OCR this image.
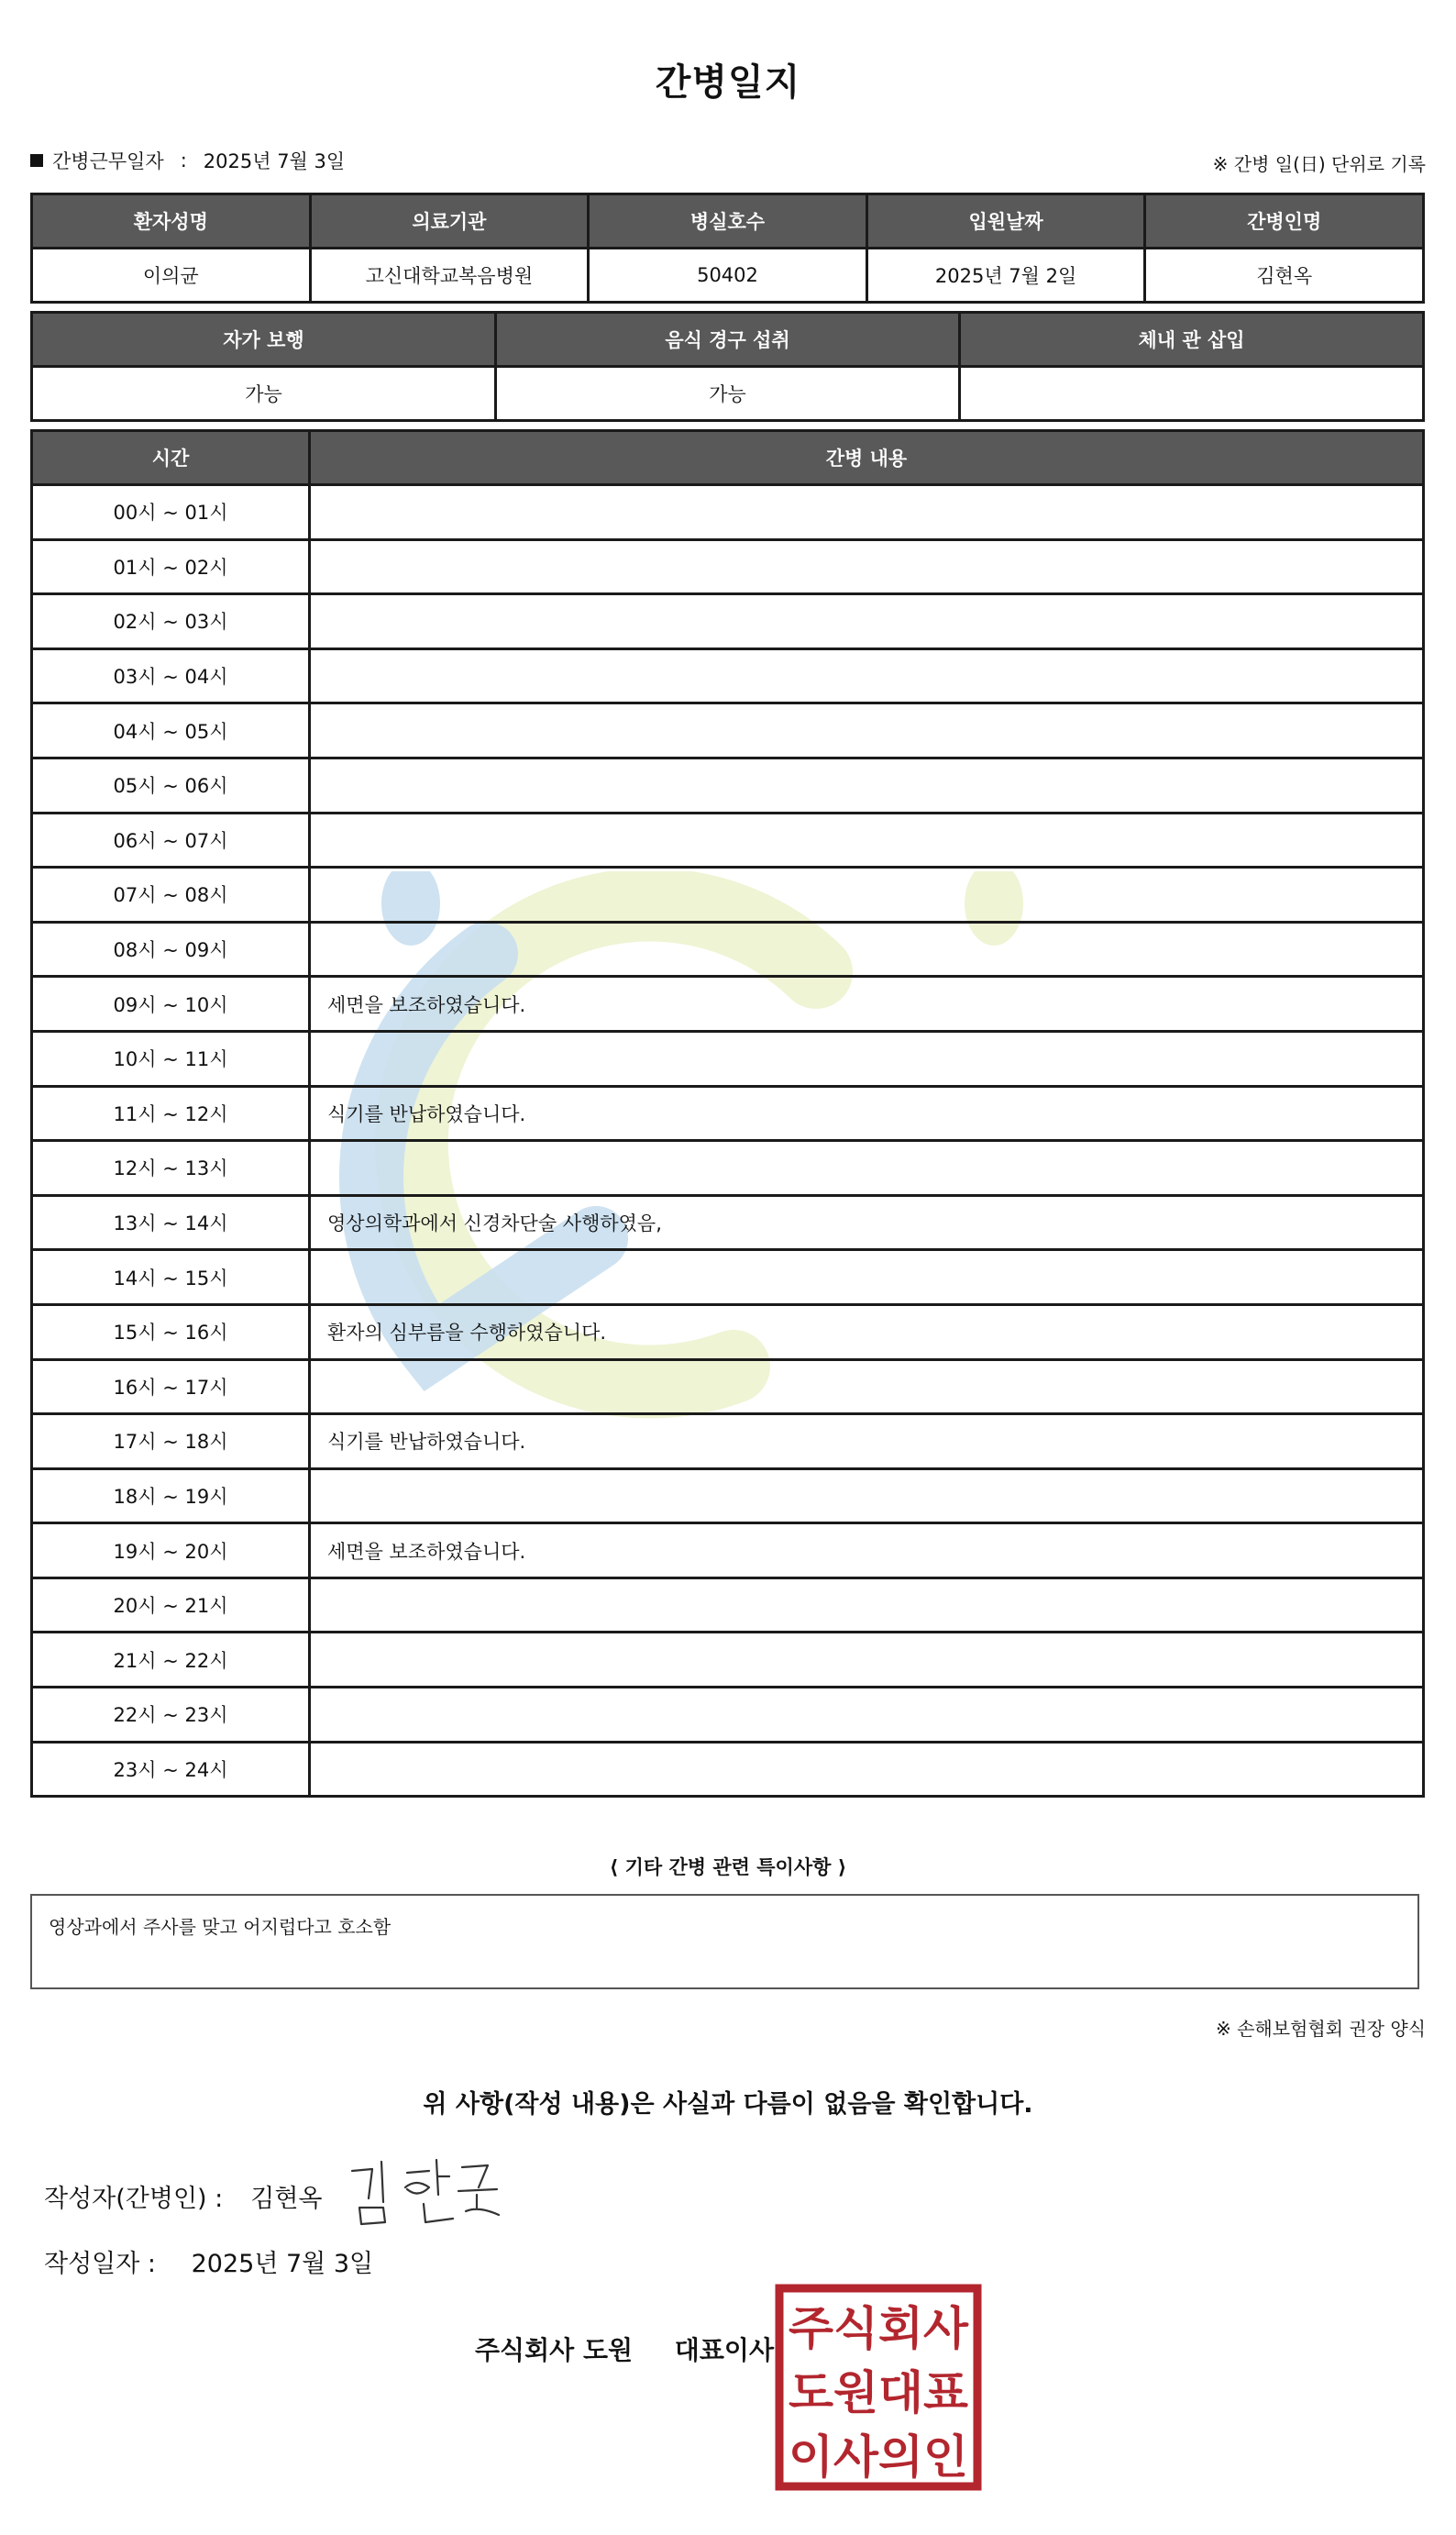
간병일지
간병근무일자 : 2025년 7월 3일	※ 간병 일(日) 단위로 기록
환자성명	의료기관	병실호수	입원날짜	간병인명
이의균	고신대학교복음병원	50402	2025년 7월 2일	김현옥
자가 보행	음식 경구 섭취	체내 관 삽입
가능	가능	
시간	간병 내용
00시 ~ 01시	
01시 ~ 02시	
02시 ~ 03시	
03시 ~ 04시	
04시 ~ 05시	
05시 ~ 06시	
06시 ~ 07시	
07시 ~ 08시	
08시 ~ 09시	
09시 ~ 10시	세면을 보조하였습니다.
10시 ~ 11시	
11시 ~ 12시	식기를 반납하였습니다.
12시 ~ 13시	
13시 ~ 14시	영상의학과에서 신경차단술 사행하였음,
14시 ~ 15시	
15시 ~ 16시	환자의 심부름을 수행하였습니다.
16시 ~ 17시	
17시 ~ 18시	식기를 반납하였습니다.
18시 ~ 19시	
19시 ~ 20시	세면을 보조하였습니다.
20시 ~ 21시	
21시 ~ 22시	
22시 ~ 23시	
23시 ~ 24시	
⟨ 기타 간병 관련 특이사항 ⟩
영상과에서 주사를 맞고 어지럽다고 호소함
※ 손해보험협회 권장 양식
위 사항(작성 내용)은 사실과 다름이 없음을 확인합니다.
작성자(간병인) : 김현옥
작성일자 : 2025년 7월 3일
주식회사 도원 대표이사 주식회사
도원대표
이사의인
